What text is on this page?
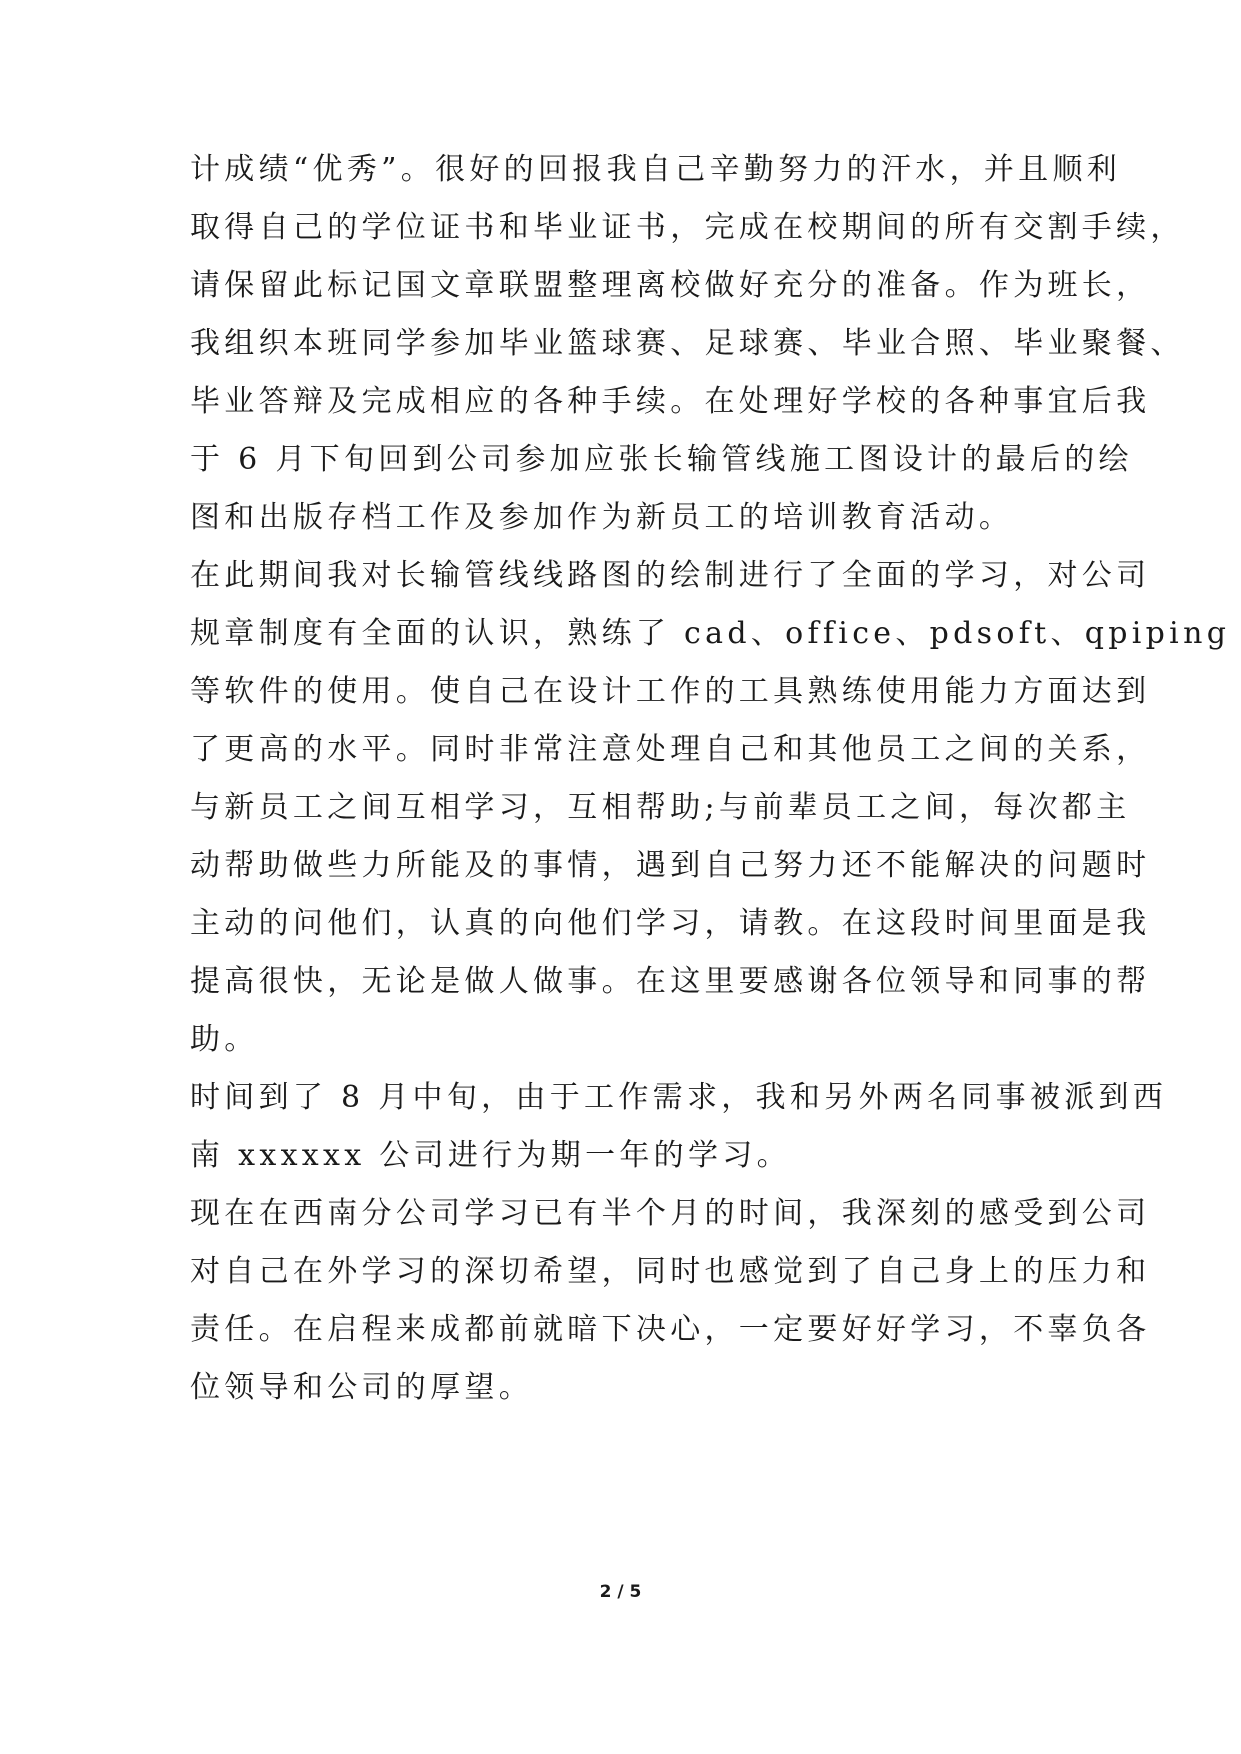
计成绩“优秀”。很好的回报我自己辛勤努力的汗水，并且顺利
取得自己的学位证书和毕业证书，完成在校期间的所有交割手续，
请保留此标记国文章联盟整理离校做好充分的准备。作为班长，
我组织本班同学参加毕业篮球赛、足球赛、毕业合照、毕业聚餐、
毕业答辩及完成相应的各种手续。在处理好学校的各种事宜后我
于 6 月下旬回到公司参加应张长输管线施工图设计的最后的绘
图和出版存档工作及参加作为新员工的培训教育活动。
在此期间我对长输管线线路图的绘制进行了全面的学习，对公司
规章制度有全面的认识，熟练了 cad、office、pdsoft、qpiping
等软件的使用。使自己在设计工作的工具熟练使用能力方面达到
了更高的水平。同时非常注意处理自己和其他员工之间的关系，
与新员工之间互相学习，互相帮助;与前辈员工之间，每次都主
动帮助做些力所能及的事情，遇到自己努力还不能解决的问题时
主动的问他们，认真的向他们学习，请教。在这段时间里面是我
提高很快，无论是做人做事。在这里要感谢各位领导和同事的帮
助。
时间到了 8 月中旬，由于工作需求，我和另外两名同事被派到西
南 xxxxxx 公司进行为期一年的学习。
现在在西南分公司学习已有半个月的时间，我深刻的感受到公司
对自己在外学习的深切希望，同时也感觉到了自己身上的压力和
责任。在启程来成都前就暗下决心，一定要好好学习，不辜负各
位领导和公司的厚望。
2 / 5
